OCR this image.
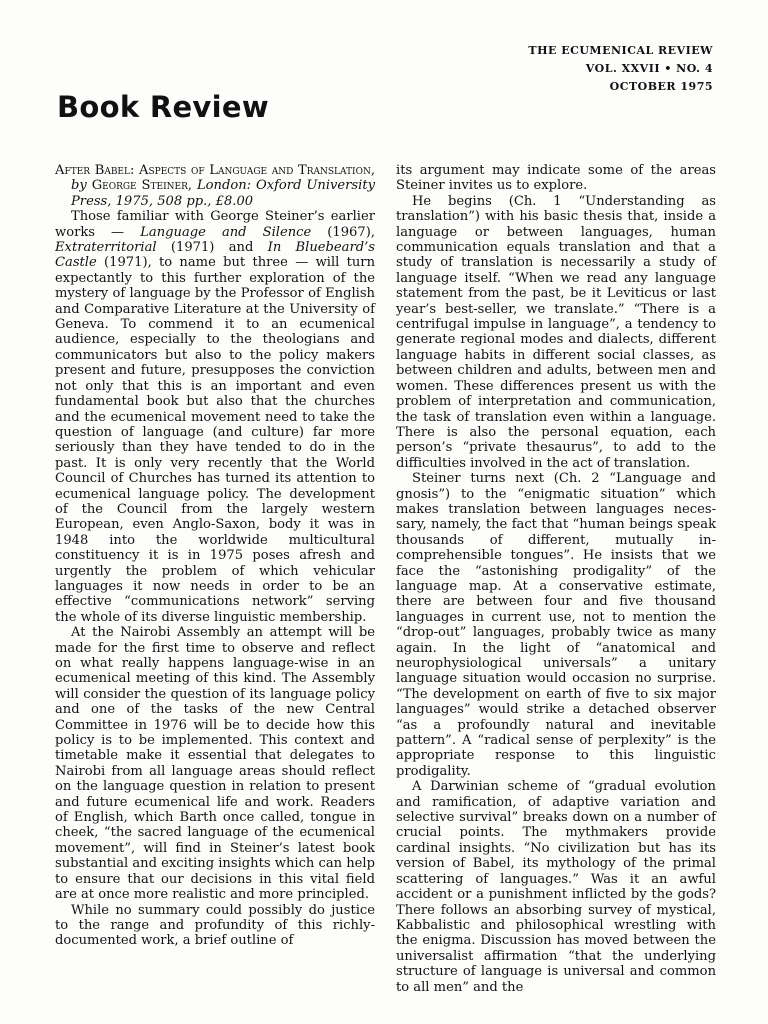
THE ECUMENICAL REVIEW
VOL. XXVII • NO. 4
OCTOBER 1975
Book Review
After Babel: Aspects of Language and Translation, by George Steiner, London: Oxford University Press, 1975, 508 pp., £8.00

Those familiar with George Steiner’s earlier works — Language and Silence (1967), Extraterritorial (1971) and In Bluebeard’s Castle (1971), to name but three — will turn expectantly to this further exploration of the mystery of language by the Professor of English and Comparative Literature at the University of Geneva. To commend it to an ecumenical audience, especially to the theologians and communicators but also to the policy makers present and future, presupposes the conviction not only that this is an important and even fundamental book but also that the churches and the ecumenical movement need to take the question of language (and culture) far more seriously than they have tended to do in the past. It is only very recently that the World Council of Churches has turned its attention to ecumenical language policy. The development of the Council from the largely western European, even Anglo-Saxon, body it was in 1948 into the worldwide multicultural constituency it is in 1975 poses afresh and urgently the problem of which vehicular languages it now needs in order to be an effective “communications network” serving the whole of its diverse linguistic membership.

At the Nairobi Assembly an attempt will be made for the first time to observe and reflect on what really happens language-wise in an ecumenical meeting of this kind. The Assembly will consider the question of its language policy and one of the tasks of the new Central Committee in 1976 will be to decide how this policy is to be implemented. This context and timetable make it essential that delegates to Nairobi from all language areas should reflect on the language question in relation to present and future ecumenical life and work. Readers of English, which Barth once called, tongue in cheek, “the sacred language of the ecumenical movement”, will find in Steiner’s latest book substantial and exciting insights which can help to ensure that our decisions in this vital field are at once more realistic and more principled.

While no summary could possibly do justice to the range and profundity of this richly-documented work, a brief outline of

its argument may indicate some of the areas Steiner invites us to explore.

He begins (Ch. 1 “Understanding as translation”) with his basic thesis that, inside a language or between languages, human communication equals translation and that a study of translation is necessarily a study of language itself. “When we read any language statement from the past, be it Leviticus or last year’s best-seller, we translate.” “There is a centrifugal impulse in language”, a tendency to generate regional modes and dialects, different language habits in different social classes, as between children and adults, between men and women. These differences present us with the problem of interpretation and communication, the task of translation even within a language. There is also the personal equation, each person’s “private thesaurus”, to add to the difficulties involved in the act of translation.

Steiner turns next (Ch. 2 “Language and gnosis”) to the “enigmatic situation” which makes translation between languages necessary, namely, the fact that “human beings speak thousands of different, mutually incomprehensible tongues”. He insists that we face the “astonishing prodigality” of the language map. At a conservative estimate, there are between four and five thousand languages in current use, not to mention the “drop-out” languages, probably twice as many again. In the light of “anatomical and neurophysiological universals” a unitary language situation would occasion no surprise. “The development on earth of five to six major languages” would strike a detached observer “as a profoundly natural and inevitable pattern”. A “radical sense of perplexity” is the appropriate response to this linguistic prodigality.

A Darwinian scheme of “gradual evolution and ramification, of adaptive variation and selective survival” breaks down on a number of crucial points. The mythmakers provide cardinal insights. “No civilization but has its version of Babel, its mythology of the primal scattering of languages.” Was it an awful accident or a punishment inflicted by the gods? There follows an absorbing survey of mystical, Kabbalistic and philosophical wrestling with the enigma. Discussion has moved between the universalist affirmation “that the underlying structure of language is universal and common to all men” and the
